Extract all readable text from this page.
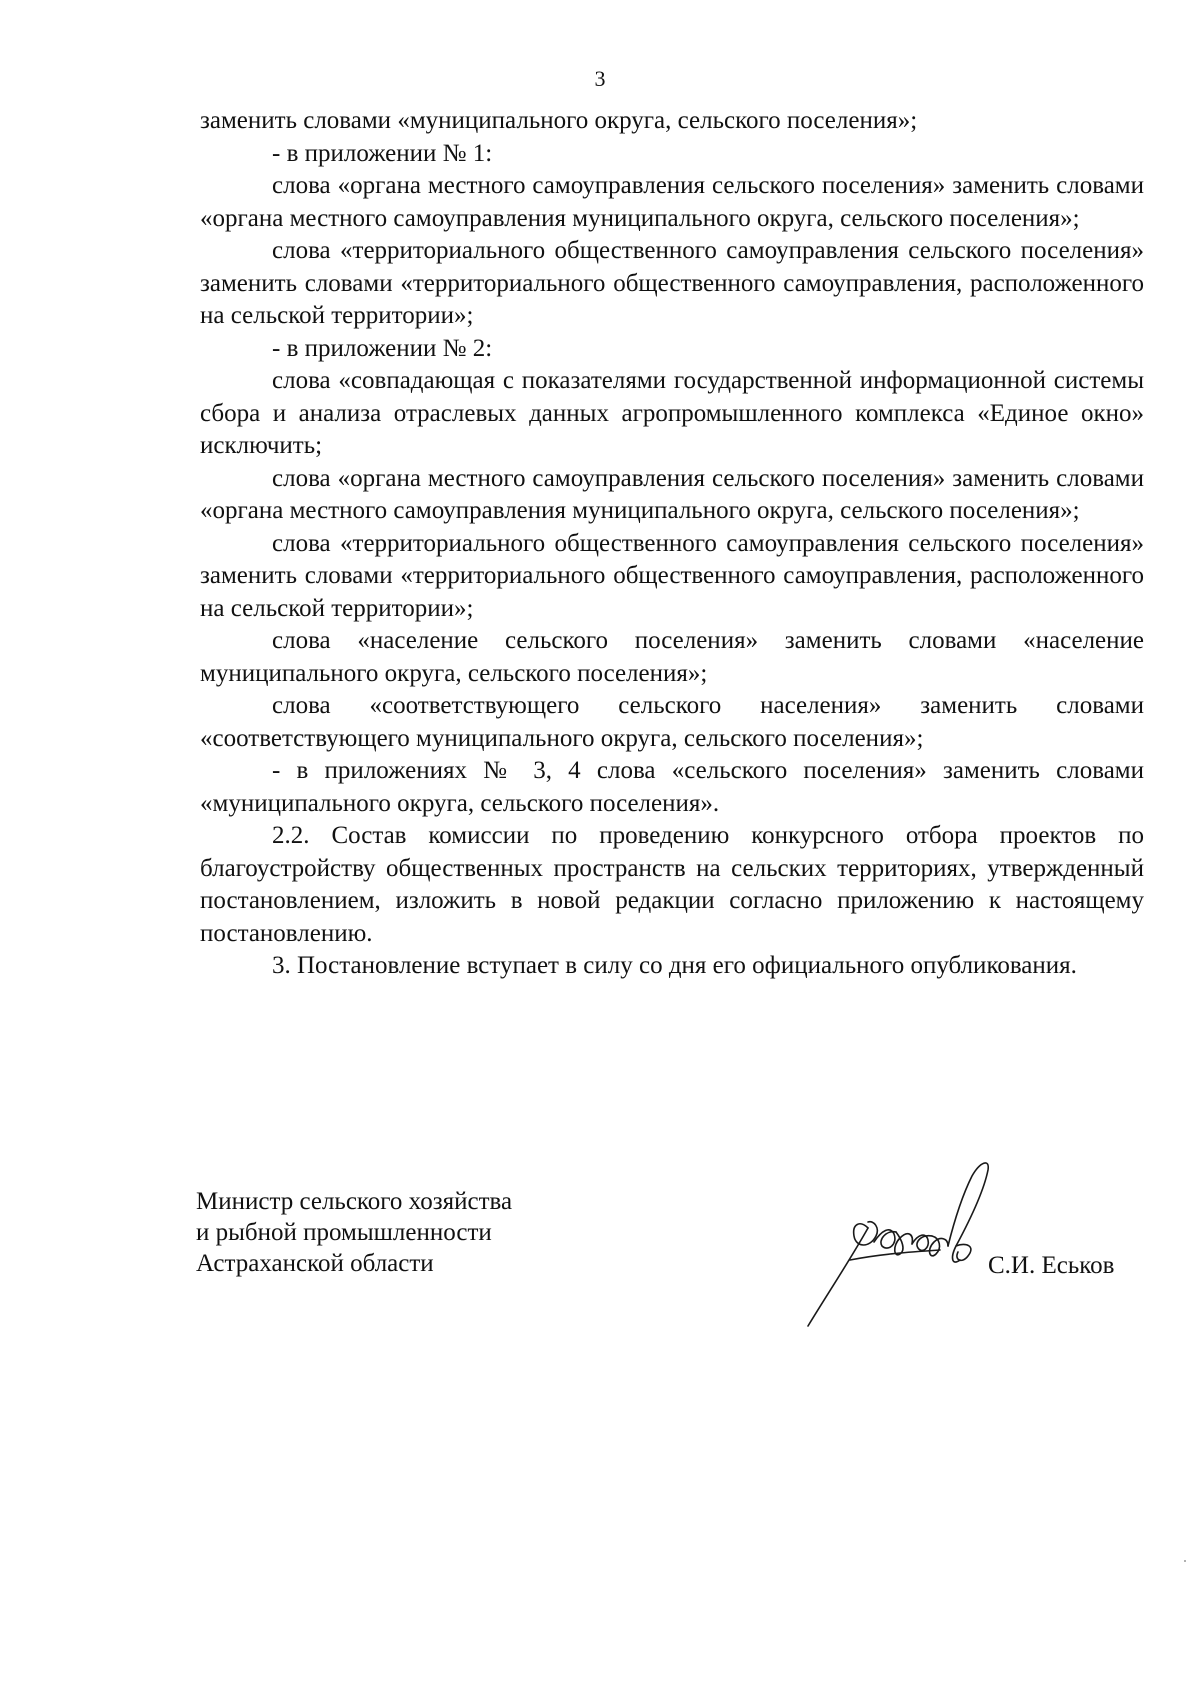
3

заменить словами «муниципального округа, сельского поселения»;

- в приложении № 1:

слова «органа местного самоуправления сельского поселения» заменить словами «органа местного самоуправления муниципального округа, сельского поселения»;

слова «территориального общественного самоуправления сельского поселения» заменить словами «территориального общественного самоуправления, расположенного на сельской территории»;

- в приложении № 2:

слова «совпадающая с показателями государственной информационной системы сбора и анализа отраслевых данных агропромышленного комплекса «Единое окно» исключить;

слова «органа местного самоуправления сельского поселения» заменить словами «органа местного самоуправления муниципального округа, сельского поселения»;

слова «территориального общественного самоуправления сельского поселения» заменить словами «территориального общественного самоуправления, расположенного на сельской территории»;

слова «население сельского поселения» заменить словами «население муниципального округа, сельского поселения»;

слова «соответствующего сельского населения» заменить словами «соответствующего муниципального округа, сельского поселения»;

- в приложениях № 3, 4 слова «сельского поселения» заменить словами «муниципального округа, сельского поселения».

2.2. Состав комиссии по проведению конкурсного отбора проектов по благоустройству общественных пространств на сельских территориях, утвержденный постановлением, изложить в новой редакции согласно приложению к настоящему постановлению.

3. Постановление вступает в силу со дня его официального опубликования.

Министр сельского хозяйства
и рыбной промышленности
Астраханской области	С.И. Еськов
